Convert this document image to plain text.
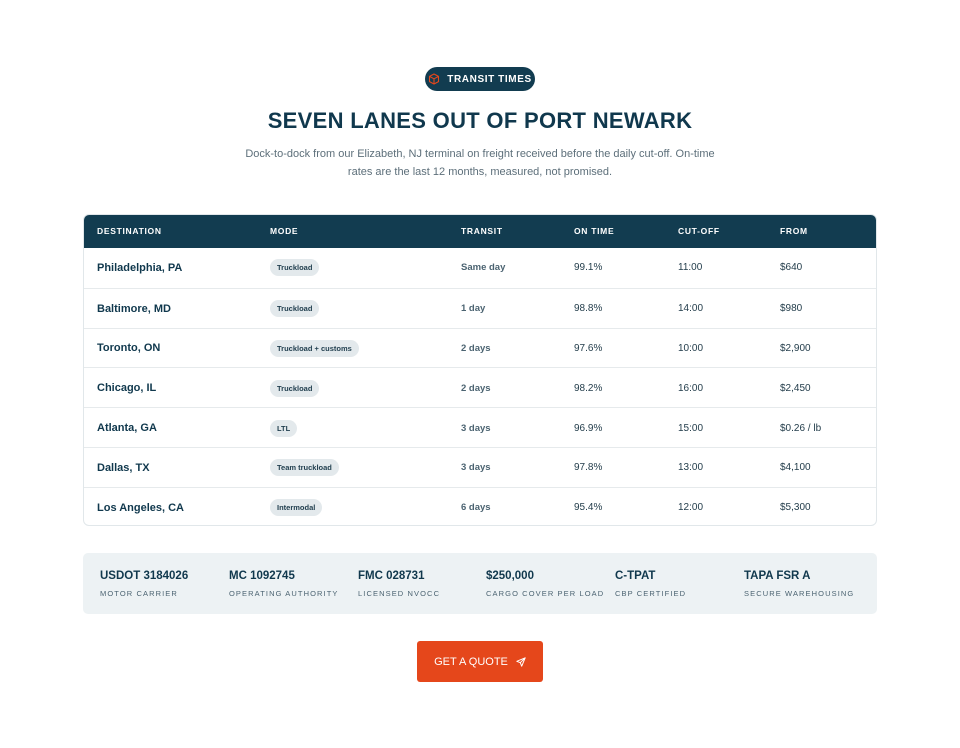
TRANSIT TIMES
SEVEN LANES OUT OF PORT NEWARK

Dock-to-dock from our Elizabeth, NJ terminal on freight received before the daily cut-off. On-time rates are the last 12 months, measured, not promised.

DESTINATION	MODE	TRANSIT	ON TIME	CUT-OFF	FROM
Philadelphia, PA	Truckload	Same day	99.1%	11:00	$640
Baltimore, MD	Truckload	1 day	98.8%	14:00	$980
Toronto, ON	Truckload + customs	2 days	97.6%	10:00	$2,900
Chicago, IL	Truckload	2 days	98.2%	16:00	$2,450
Atlanta, GA	LTL	3 days	96.9%	15:00	$0.26 / lb
Dallas, TX	Team truckload	3 days	97.8%	13:00	$4,100
Los Angeles, CA	Intermodal	6 days	95.4%	12:00	$5,300
USDOT 3184026
MOTOR CARRIER
MC 1092745
OPERATING AUTHORITY
FMC 028731
LICENSED NVOCC
$250,000
CARGO COVER PER LOAD
C-TPAT
CBP CERTIFIED
TAPA FSR A
SECURE WAREHOUSING
GET A QUOTE
